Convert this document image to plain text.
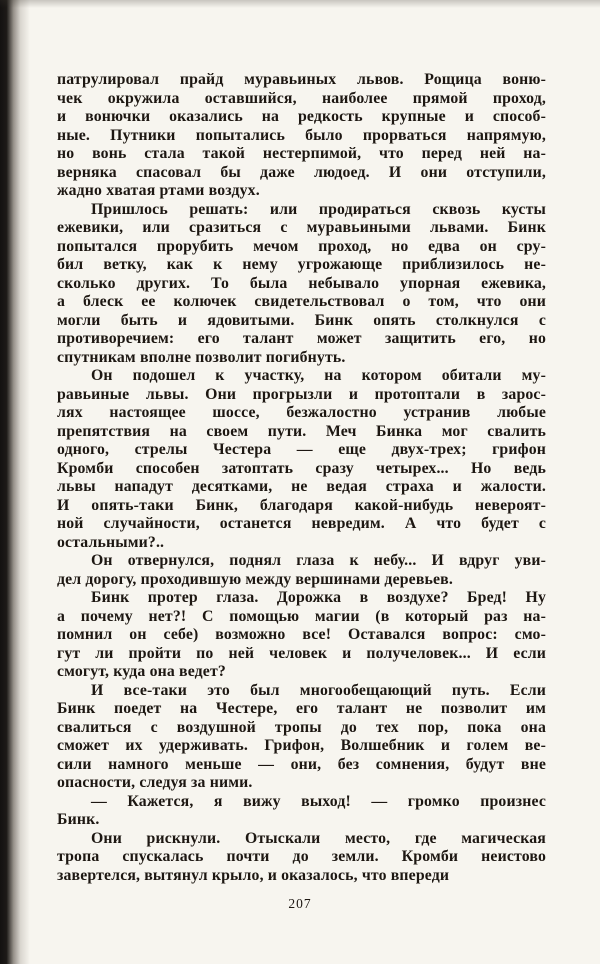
патрулировал прайд муравьиных львов. Рощица воню-
чек окружила оставшийся, наиболее прямой проход,
и вонючки оказались на редкость крупные и способ-
ные. Путники попытались было прорваться напрямую,
но вонь стала такой нестерпимой, что перед ней на-
верняка спасовал бы даже людоед. И они отступили,
жадно хватая ртами воздух.
Пришлось решать: или продираться сквозь кусты
ежевики, или сразиться с муравьиными львами. Бинк
попытался прорубить мечом проход, но едва он сру-
бил ветку, как к нему угрожающе приблизилось не-
сколько других. То была небывало упорная ежевика,
а блеск ее колючек свидетельствовал о том, что они
могли быть и ядовитыми. Бинк опять столкнулся с
противоречием: его талант может защитить его, но
спутникам вполне позволит погибнуть.
Он подошел к участку, на котором обитали му-
равьиные львы. Они прогрызли и протоптали в зарос-
лях настоящее шоссе, безжалостно устранив любые
препятствия на своем пути. Меч Бинка мог свалить
одного, стрелы Честера — еще двух-трех; грифон
Кромби способен затоптать сразу четырех... Но ведь
львы нападут десятками, не ведая страха и жалости.
И опять-таки Бинк, благодаря какой-нибудь невероят-
ной случайности, останется невредим. А что будет с
остальными?..
Он отвернулся, поднял глаза к небу... И вдруг уви-
дел дорогу, проходившую между вершинами деревьев.
Бинк протер глаза. Дорожка в воздухе? Бред! Ну
а почему нет?! С помощью магии (в который раз на-
помнил он себе) возможно все! Оставался вопрос: смо-
гут ли пройти по ней человек и получеловек... И если
смогут, куда она ведет?
И все-таки это был многообещающий путь. Если
Бинк поедет на Честере, его талант не позволит им
свалиться с воздушной тропы до тех пор, пока она
сможет их удерживать. Грифон, Волшебник и голем ве-
сили намного меньше — они, без сомнения, будут вне
опасности, следуя за ними.
— Кажется, я вижу выход! — громко произнес
Бинк.
Они рискнули. Отыскали место, где магическая
тропа спускалась почти до земли. Кромби неистово
завертелся, вытянул крыло, и оказалось, что впереди
207
